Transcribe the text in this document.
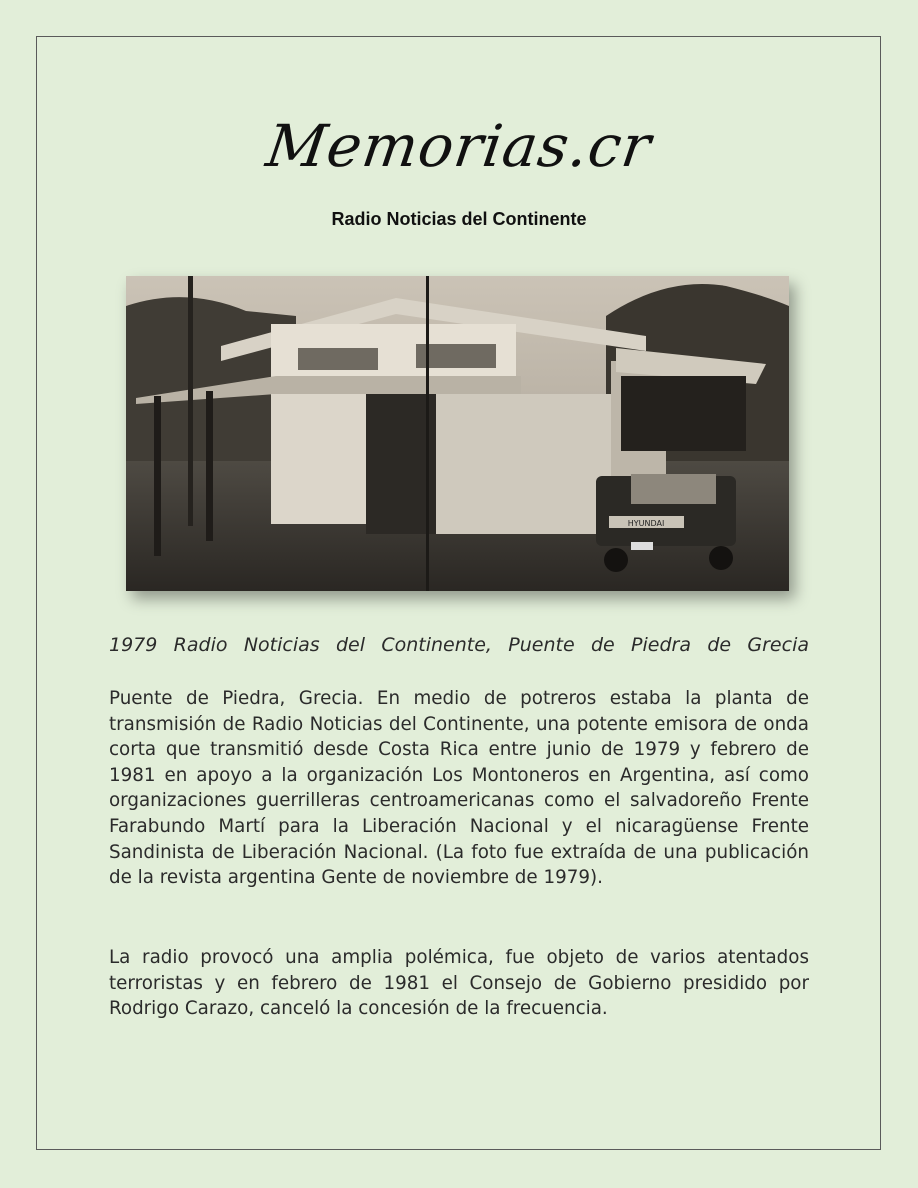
Memorias.cr
Radio Noticias del Continente
HYUNDAI
1979 Radio Noticias del Continente, Puente de Piedra de Grecia

Puente de Piedra, Grecia. En medio de potreros estaba la planta de transmisión de Radio Noticias del Continente, una potente emisora de onda corta que transmitió desde Costa Rica entre junio de 1979 y febrero de 1981 en apoyo a la organización Los Montoneros en Argentina, así como organizaciones guerrilleras centroamericanas como el salvadoreño Frente Farabundo Martí para la Liberación Nacional y el nicaragüense Frente Sandinista de Liberación Nacional. (La foto fue extraída de una publicación de la revista argentina Gente de noviembre de 1979).

La radio provocó una amplia polémica, fue objeto de varios atentados terroristas y en febrero de 1981 el Consejo de Gobierno presidido por Rodrigo Carazo, canceló la concesión de la frecuencia.
